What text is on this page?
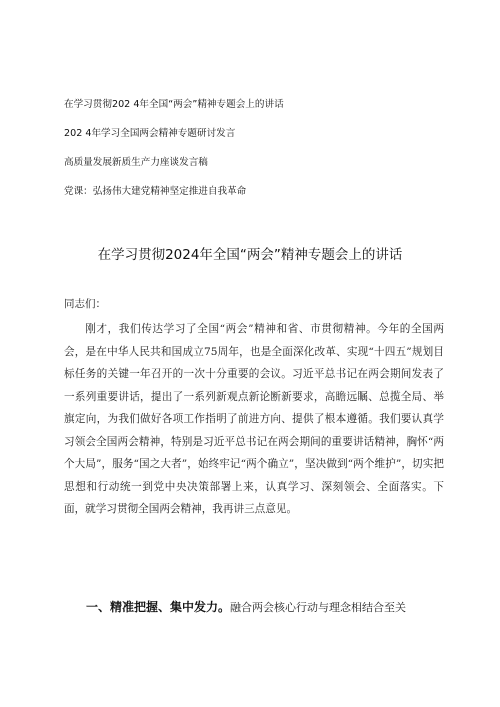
在学习贯彻202 4年全国“两会”精神专题会上的讲话
202 4年学习全国两会精神专题研讨发言
高质量发展新质生产力座谈发言稿
党课：弘扬伟大建党精神坚定推进自我革命
在学习贯彻2024年全国“两会”精神专题会上的讲话
同志们：

刚才，我们传达学习了全国“两会”精神和省、市贯彻精神。今年的全国两会，是在中华人民共和国成立75周年，也是全面深化改革、实现“十四五”规划目标任务的关键一年召开的一次十分重要的会议。习近平总书记在两会期间发表了一系列重要讲话，提出了一系列新观点新论断新要求，高瞻远瞩、总揽全局、举旗定向，为我们做好各项工作指明了前进方向、提供了根本遵循。我们要认真学习领会全国两会精神，特别是习近平总书记在两会期间的重要讲话精神，胸怀“两个大局”，服务“国之大者”，始终牢记“两个确立”，坚决做到“两个维护”，切实把思想和行动统一到党中央决策部署上来，认真学习、深刻领会、全面落实。下面，就学习贯彻全国两会精神，我再讲三点意见。

一、精准把握、集中发力。融合两会核心行动与理念相结合至关
